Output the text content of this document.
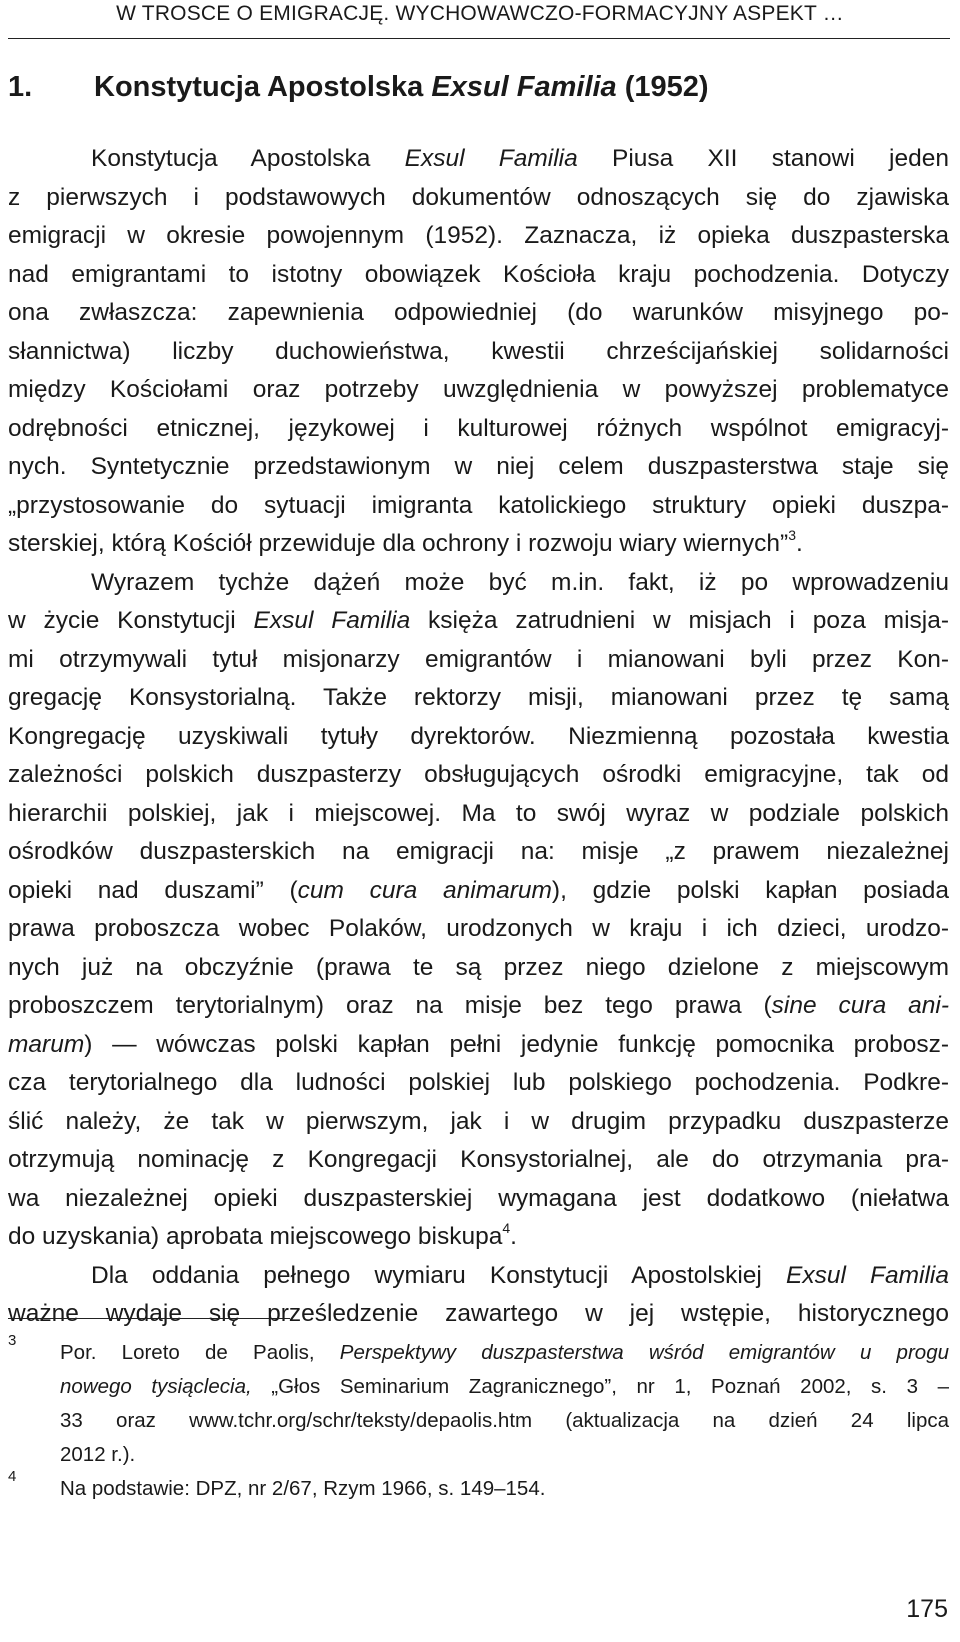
W TROSCE O EMIGRACJĘ. WYCHOWAWCZO-FORMACYJNY ASPEKT …
1. Konstytucja Apostolska Exsul Familia (1952)
Konstytucja Apostolska Exsul Familia Piusa XII stanowi jeden
z pierwszych i podstawowych dokumentów odnoszących się do zjawiska
emigracji w okresie powojennym (1952). Zaznacza, iż opieka duszpasterska
nad emigrantami to istotny obowiązek Kościoła kraju pochodzenia. Dotyczy
ona zwłaszcza: zapewnienia odpowiedniej (do warunków misyjnego po-
słannictwa) liczby duchowieństwa, kwestii chrześcijańskiej solidarności
między Kościołami oraz potrzeby uwzględnienia w powyższej problematyce
odrębności etnicznej, językowej i kulturowej różnych wspólnot emigracyj-
nych. Syntetycznie przedstawionym w niej celem duszpasterstwa staje się
„przystosowanie do sytuacji imigranta katolickiego struktury opieki duszpa-
sterskiej, którą Kościół przewiduje dla ochrony i rozwoju wiary wiernych”$^3$.
Wyrazem tychże dążeń może być m.in. fakt, iż po wprowadzeniu
w życie Konstytucji Exsul Familia księża zatrudnieni w misjach i poza misja-
mi otrzymywali tytuł misjonarzy emigrantów i mianowani byli przez Kon-
gregację Konsystorialną. Także rektorzy misji, mianowani przez tę samą
Kongregację uzyskiwali tytuły dyrektorów. Niezmienną pozostała kwestia
zależności polskich duszpasterzy obsługujących ośrodki emigracyjne, tak od
hierarchii polskiej, jak i miejscowej. Ma to swój wyraz w podziale polskich
ośrodków duszpasterskich na emigracji na: misje „z prawem niezależnej
opieki nad duszami” (cum cura animarum), gdzie polski kapłan posiada
prawa proboszcza wobec Polaków, urodzonych w kraju i ich dzieci, urodzo-
nych już na obczyźnie (prawa te są przez niego dzielone z miejscowym
proboszczem terytorialnym) oraz na misje bez tego prawa (sine cura ani-
marum) — wówczas polski kapłan pełni jedynie funkcję pomocnika probosz-
cza terytorialnego dla ludności polskiej lub polskiego pochodzenia. Podkre-
ślić należy, że tak w pierwszym, jak i w drugim przypadku duszpasterze
otrzymują nominację z Kongregacji Konsystorialnej, ale do otrzymania pra-
wa niezależnej opieki duszpasterskiej wymagana jest dodatkowo (niełatwa
do uzyskania) aprobata miejscowego biskupa$^4$.
Dla oddania pełnego wymiaru Konstytucji Apostolskiej Exsul Familia
ważne wydaje się prześledzenie zawartego w jej wstępie, historycznego
3
Por. Loreto de Paolis, Perspektywy duszpasterstwa wśród emigrantów u progu
nowego tysiąclecia, „Głos Seminarium Zagranicznego”, nr 1, Poznań 2002, s. 3 –
33 oraz www.tchr.org/schr/teksty/depaolis.htm (aktualizacja na dzień 24 lipca
2012 r.).
4
Na podstawie: DPZ, nr 2/67, Rzym 1966, s. 149–154.
175
